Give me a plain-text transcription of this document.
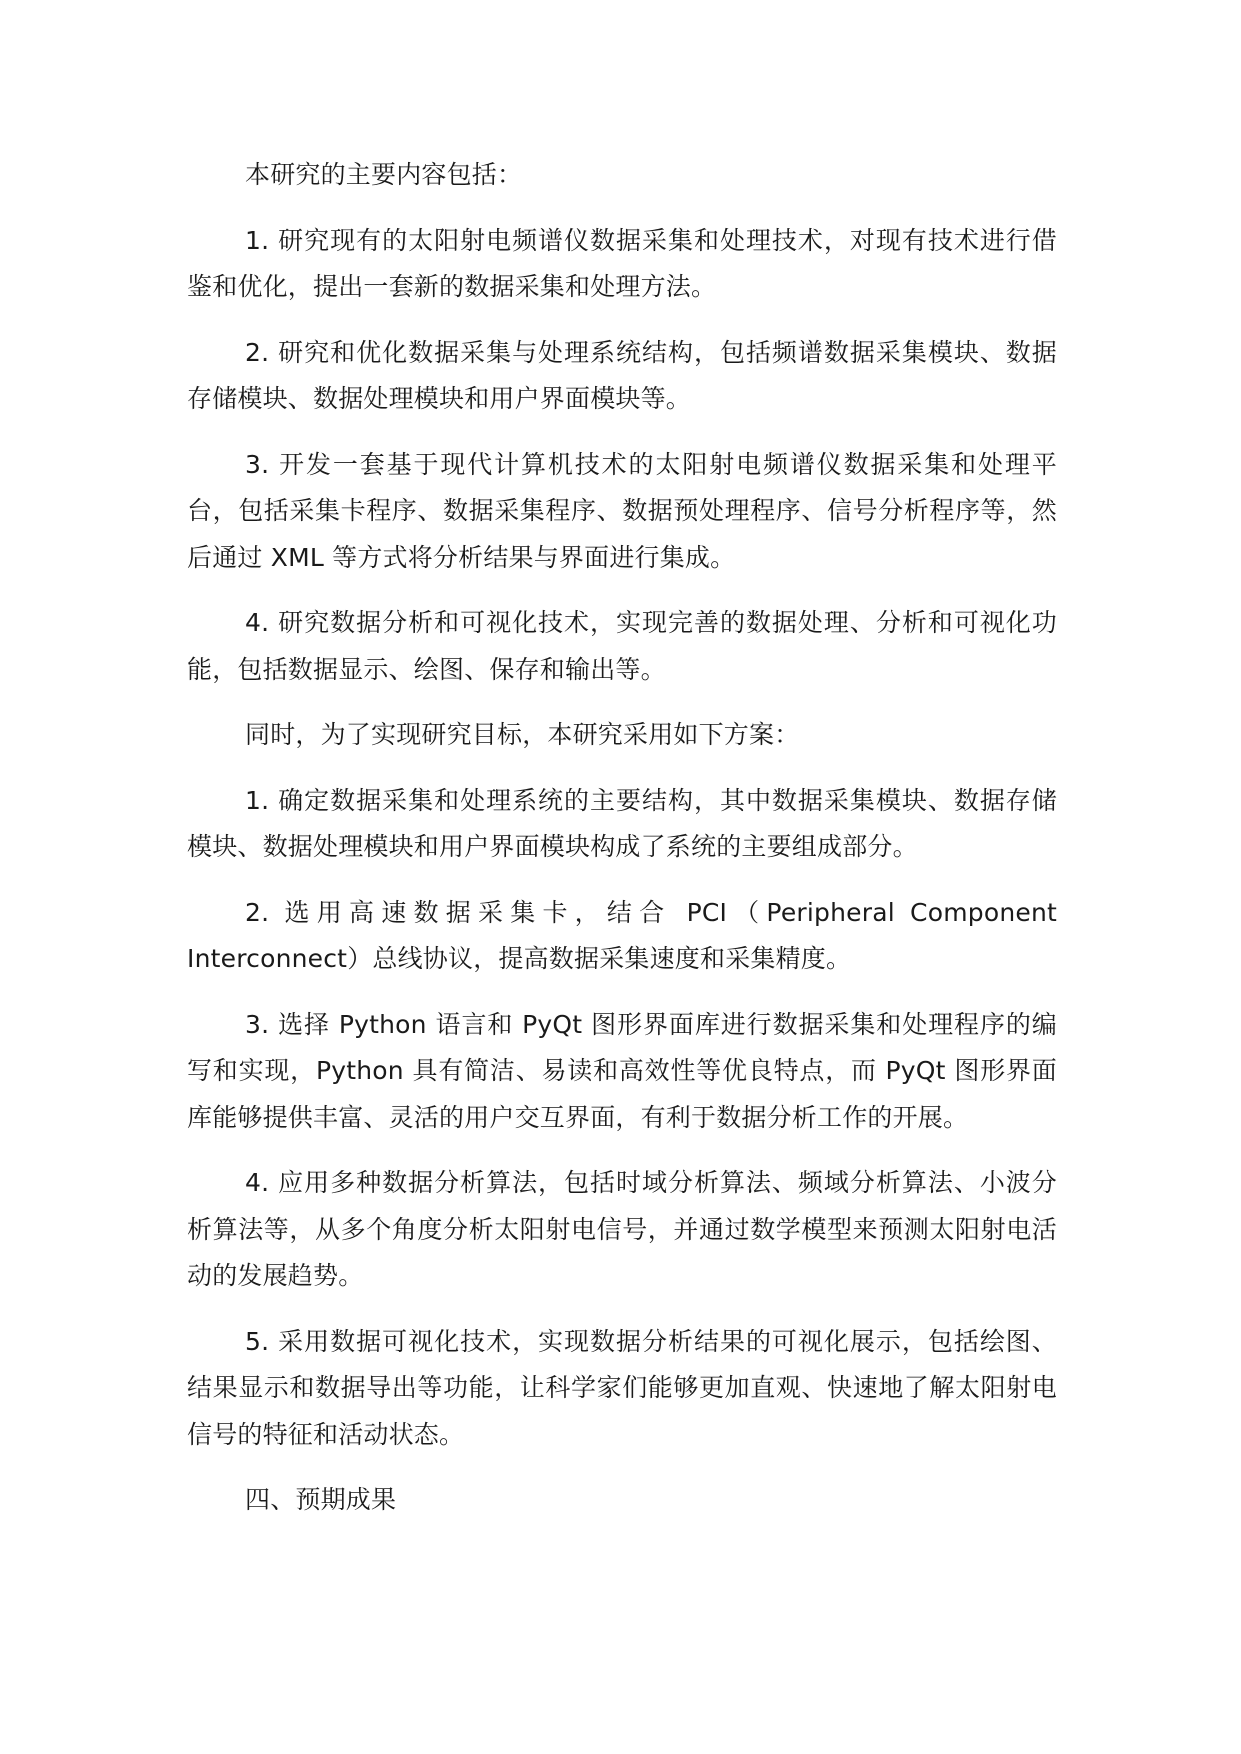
本研究的主要内容包括：

1. 研究现有的太阳射电频谱仪数据采集和处理技术，对现有技术进行借鉴和优化，提出一套新的数据采集和处理方法。

2. 研究和优化数据采集与处理系统结构，包括频谱数据采集模块、数据存储模块、数据处理模块和用户界面模块等。

3. 开发一套基于现代计算机技术的太阳射电频谱仪数据采集和处理平台，包括采集卡程序、数据采集程序、数据预处理程序、信号分析程序等，然后通过 XML 等方式将分析结果与界面进行集成。

4. 研究数据分析和可视化技术，实现完善的数据处理、分析和可视化功能，包括数据显示、绘图、保存和输出等。

同时，为了实现研究目标，本研究采用如下方案：

1. 确定数据采集和处理系统的主要结构，其中数据采集模块、数据存储模块、数据处理模块和用户界面模块构成了系统的主要组成部分。

2. 选用高速数据采集卡，结合 PCI（Peripheral Component Interconnect）总线协议，提高数据采集速度和采集精度。

3. 选择 Python 语言和 PyQt 图形界面库进行数据采集和处理程序的编写和实现，Python 具有简洁、易读和高效性等优良特点，而 PyQt 图形界面库能够提供丰富、灵活的用户交互界面，有利于数据分析工作的开展。

4. 应用多种数据分析算法，包括时域分析算法、频域分析算法、小波分析算法等，从多个角度分析太阳射电信号，并通过数学模型来预测太阳射电活动的发展趋势。

5. 采用数据可视化技术，实现数据分析结果的可视化展示，包括绘图、结果显示和数据导出等功能，让科学家们能够更加直观、快速地了解太阳射电信号的特征和活动状态。

四、预期成果
